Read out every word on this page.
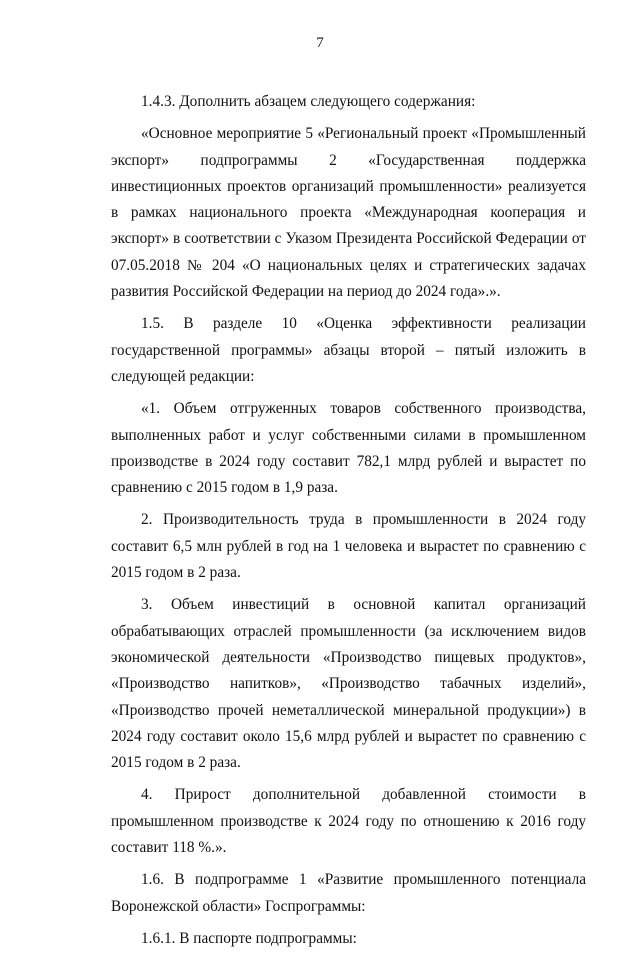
7

1.4.3. Дополнить абзацем следующего содержания:

«Основное мероприятие 5 «Региональный проект «Промышленный экспорт» подпрограммы 2 «Государственная поддержка инвестиционных проектов организаций промышленности» реализуется в рамках национального проекта «Международная кооперация и экспорт» в соответствии с Указом Президента Российской Федерации от 07.05.2018 № 204 «О национальных целях и стратегических задачах развития Российской Федерации на период до 2024 года».».

1.5. В разделе 10 «Оценка эффективности реализации государственной программы» абзацы второй – пятый изложить в следующей редакции:

«1. Объем отгруженных товаров собственного производства, выполненных работ и услуг собственными силами в промышленном производстве в 2024 году составит 782,1 млрд рублей и вырастет по сравнению с 2015 годом в 1,9 раза.

2. Производительность труда в промышленности в 2024 году составит 6,5 млн рублей в год на 1 человека и вырастет по сравнению с 2015 годом в 2 раза.

3. Объем инвестиций в основной капитал организаций обрабатывающих отраслей промышленности (за исключением видов экономической деятельности «Производство пищевых продуктов», «Производство напитков», «Производство табачных изделий», «Производство прочей неметаллической минеральной продукции») в 2024 году составит около 15,6 млрд рублей и вырастет по сравнению с 2015 годом в 2 раза.

4. Прирост дополнительной добавленной стоимости в промышленном производстве к 2024 году по отношению к 2016 году составит 118 %.».

1.6. В подпрограмме 1 «Развитие промышленного потенциала Воронежской области» Госпрограммы:

1.6.1. В паспорте подпрограммы:
